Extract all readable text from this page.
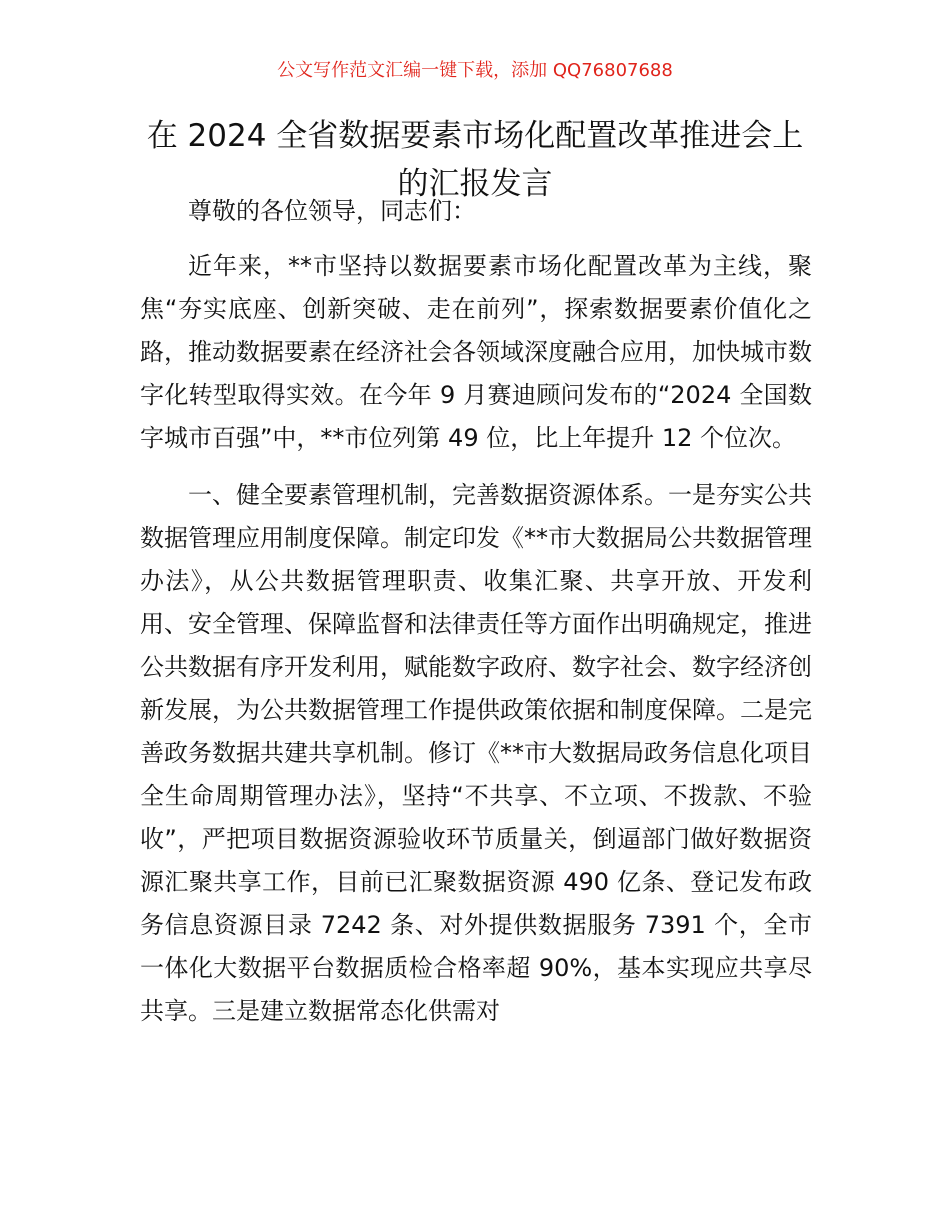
公文写作范文汇编一键下载，添加 QQ76807688
在 2024 全省数据要素市场化配置改革推进会上的汇报发言

尊敬的各位领导，同志们：

近年来，**市坚持以数据要素市场化配置改革为主线，聚焦“夯实底座、创新突破、走在前列”，探索数据要素价值化之路，推动数据要素在经济社会各领域深度融合应用，加快城市数字化转型取得实效。在今年 9 月赛迪顾问发布的“2024 全国数字城市百强”中，**市位列第 49 位，比上年提升 12 个位次。

一、健全要素管理机制，完善数据资源体系。一是夯实公共数据管理应用制度保障。制定印发《**市大数据局公共数据管理办法》，从公共数据管理职责、收集汇聚、共享开放、开发利用、安全管理、保障监督和法律责任等方面作出明确规定，推进公共数据有序开发利用，赋能数字政府、数字社会、数字经济创新发展，为公共数据管理工作提供政策依据和制度保障。二是完善政务数据共建共享机制。修订《**市大数据局政务信息化项目全生命周期管理办法》，坚持“不共享、不立项、不拨款、不验收”，严把项目数据资源验收环节质量关，倒逼部门做好数据资源汇聚共享工作，目前已汇聚数据资源 490 亿条、登记发布政务信息资源目录 7242 条、对外提供数据服务 7391 个，全市一体化大数据平台数据质检合格率超 90%，基本实现应共享尽共享。三是建立数据常态化供需对
